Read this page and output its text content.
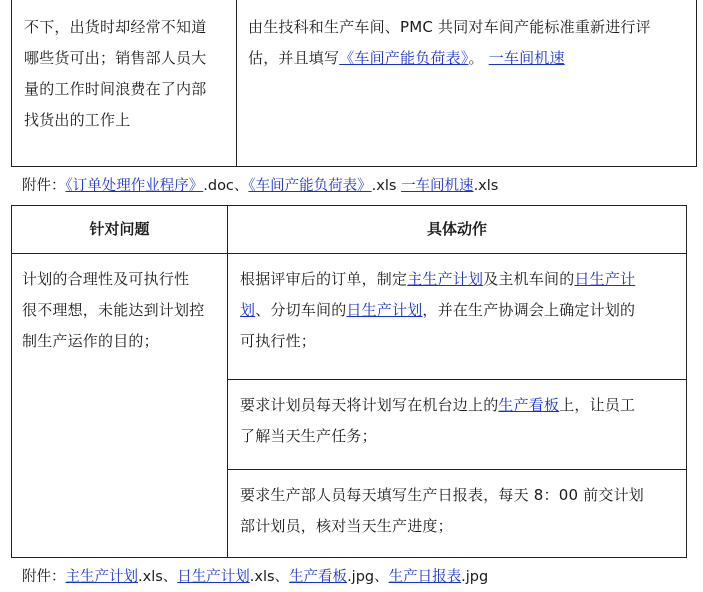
不下，出货时却经常不知道
哪些货可出；销售部人员大
量的工作时间浪费在了内部
找货出的工作上
由生技科和生产车间、PMC 共同对车间产能标准重新进行评
估，并且填写《车间产能负荷表》。 一车间机速
附件：《订单处理作业程序》.doc、《车间产能负荷表》.xls 一车间机速.xls
针对问题	具体动作
计划的合理性及可执行性
很不理想，未能达到计划控
制生产运作的目的；
根据评审后的订单，制定主生产计划及主机车间的日生产计
划、分切车间的日生产计划，并在生产协调会上确定计划的
可执行性；
要求计划员每天将计划写在机台边上的生产看板上，让员工
了解当天生产任务；
要求生产部人员每天填写生产日报表，每天 8：00 前交计划
部计划员，核对当天生产进度；
附件：主生产计划.xls、日生产计划.xls、生产看板.jpg、生产日报表.jpg
